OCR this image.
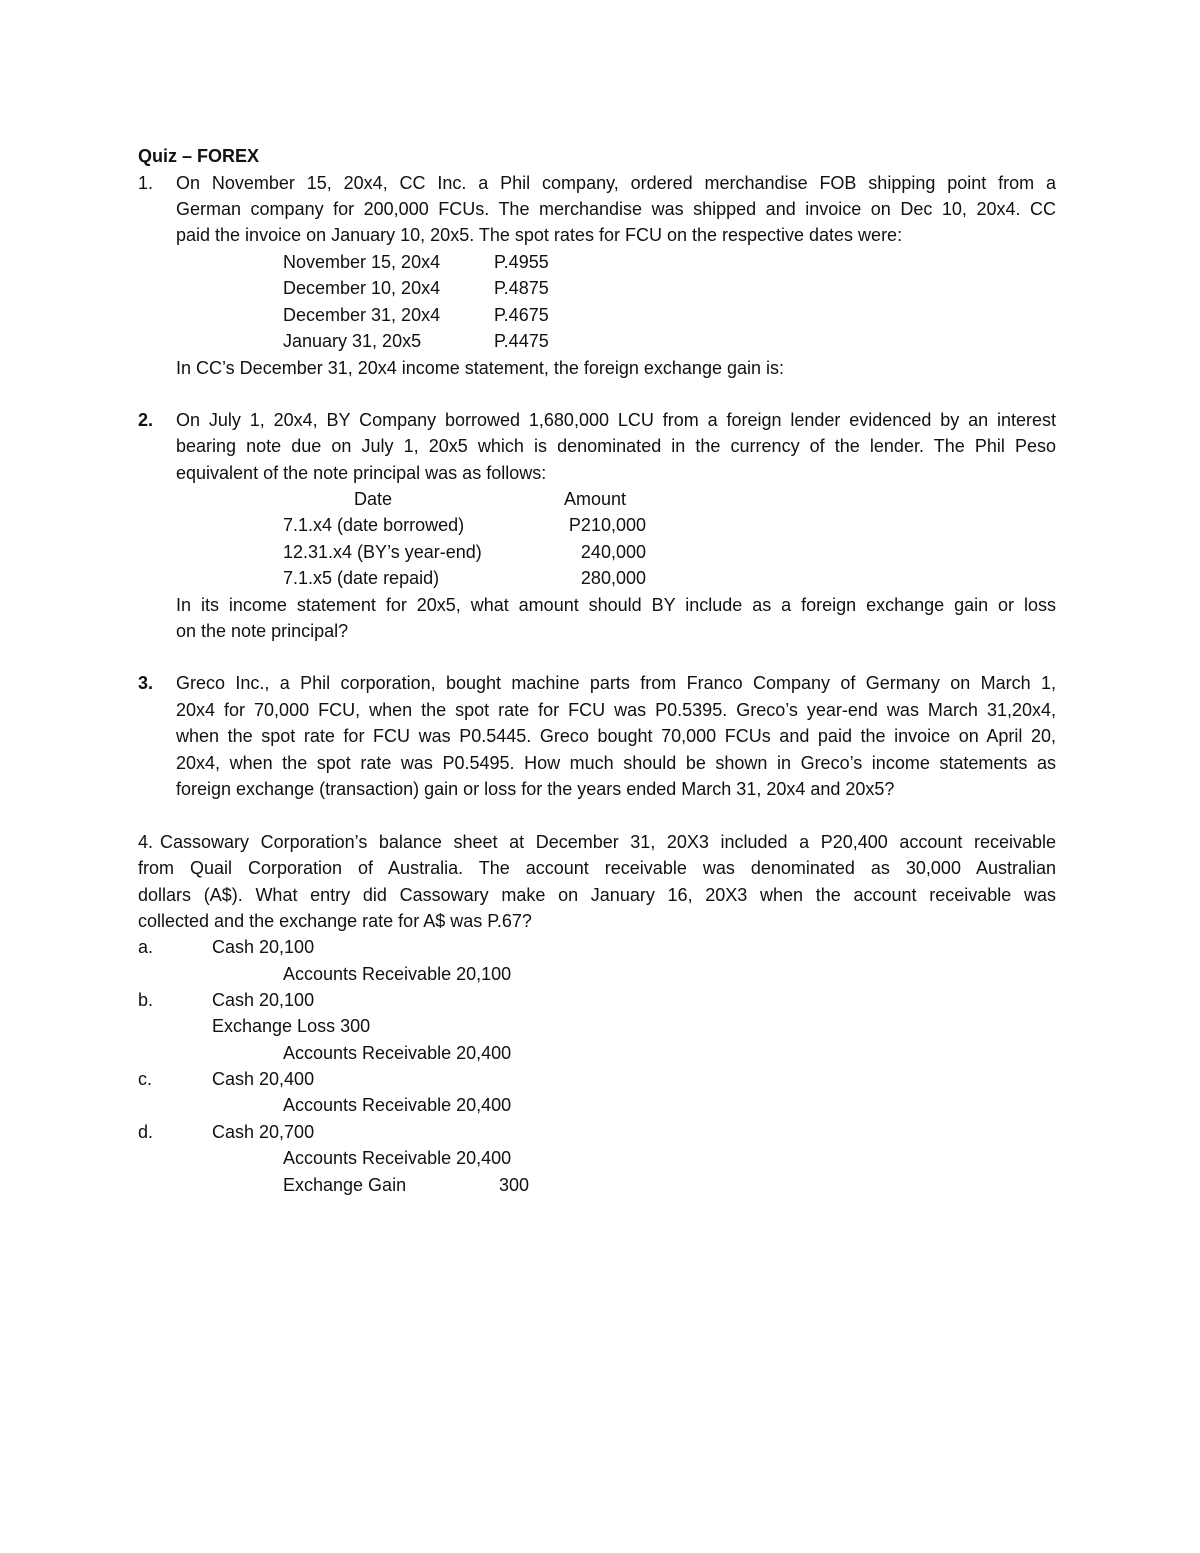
Quiz – FOREX
1. On November 15, 20x4, CC Inc. a Phil company, ordered merchandise FOB shipping point from a
German company for 200,000 FCUs. The merchandise was shipped and invoice on Dec 10, 20x4. CC
paid the invoice on January 10, 20x5. The spot rates for FCU on the respective dates were:
November 15, 20x4	P.4955
December 10, 20x4	P.4875
December 31, 20x4	P.4675
January 31, 20x5	P.4475
In CC’s December 31, 20x4 income statement, the foreign exchange gain is:
2. On July 1, 20x4, BY Company borrowed 1,680,000 LCU from a foreign lender evidenced by an interest
bearing note due on July 1, 20x5 which is denominated in the currency of the lender. The Phil Peso
equivalent of the note principal was as follows:
Date	Amount
7.1.x4 (date borrowed)	P210,000
12.31.x4 (BY’s year-end)	240,000
7.1.x5 (date repaid)	280,000
In its income statement for 20x5, what amount should BY include as a foreign exchange gain or loss
on the note principal?
3. Greco Inc., a Phil corporation, bought machine parts from Franco Company of Germany on March 1,
20x4 for 70,000 FCU, when the spot rate for FCU was P0.5395. Greco’s year-end was March 31,20x4,
when the spot rate for FCU was P0.5445. Greco bought 70,000 FCUs and paid the invoice on April 20,
20x4, when the spot rate was P0.5495. How much should be shown in Greco’s income statements as
foreign exchange (transaction) gain or loss for the years ended March 31, 20x4 and 20x5?
4. Cassowary Corporation’s balance sheet at December 31, 20X3 included a P20,400 account receivable
from Quail Corporation of Australia. The account receivable was denominated as 30,000 Australian
dollars (A$). What entry did Cassowary make on January 16, 20X3 when the account receivable was
collected and the exchange rate for A$ was P.67?
a.	Cash 20,100
Accounts Receivable 20,100
b.	Cash 20,100
Exchange Loss 300
Accounts Receivable 20,400
c.	Cash 20,400
Accounts Receivable 20,400
d.	Cash 20,700
Accounts Receivable 20,400
Exchange Gain	300
